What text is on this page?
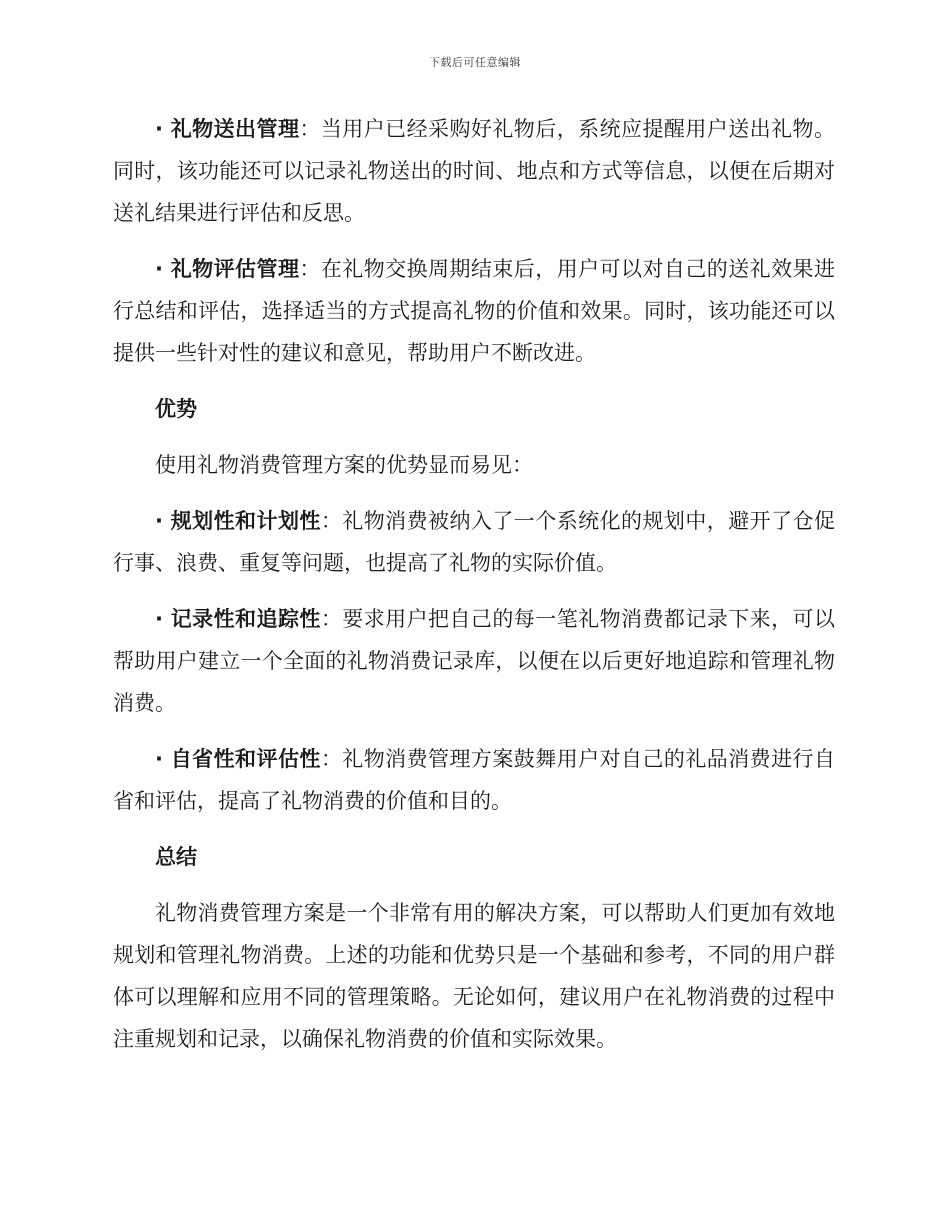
下载后可任意编辑

· 礼物送出管理：当用户已经采购好礼物后，系统应提醒用户送出礼物。同时，该功能还可以记录礼物送出的时间、地点和方式等信息，以便在后期对送礼结果进行评估和反思。

· 礼物评估管理：在礼物交换周期结束后，用户可以对自己的送礼效果进行总结和评估，选择适当的方式提高礼物的价值和效果。同时，该功能还可以提供一些针对性的建议和意见，帮助用户不断改进。

优势

使用礼物消费管理方案的优势显而易见：

· 规划性和计划性：礼物消费被纳入了一个系统化的规划中，避开了仓促行事、浪费、重复等问题，也提高了礼物的实际价值。

· 记录性和追踪性：要求用户把自己的每一笔礼物消费都记录下来，可以帮助用户建立一个全面的礼物消费记录库，以便在以后更好地追踪和管理礼物消费。

· 自省性和评估性：礼物消费管理方案鼓舞用户对自己的礼品消费进行自省和评估，提高了礼物消费的价值和目的。

总结

礼物消费管理方案是一个非常有用的解决方案，可以帮助人们更加有效地规划和管理礼物消费。上述的功能和优势只是一个基础和参考，不同的用户群体可以理解和应用不同的管理策略。无论如何，建议用户在礼物消费的过程中注重规划和记录，以确保礼物消费的价值和实际效果。
